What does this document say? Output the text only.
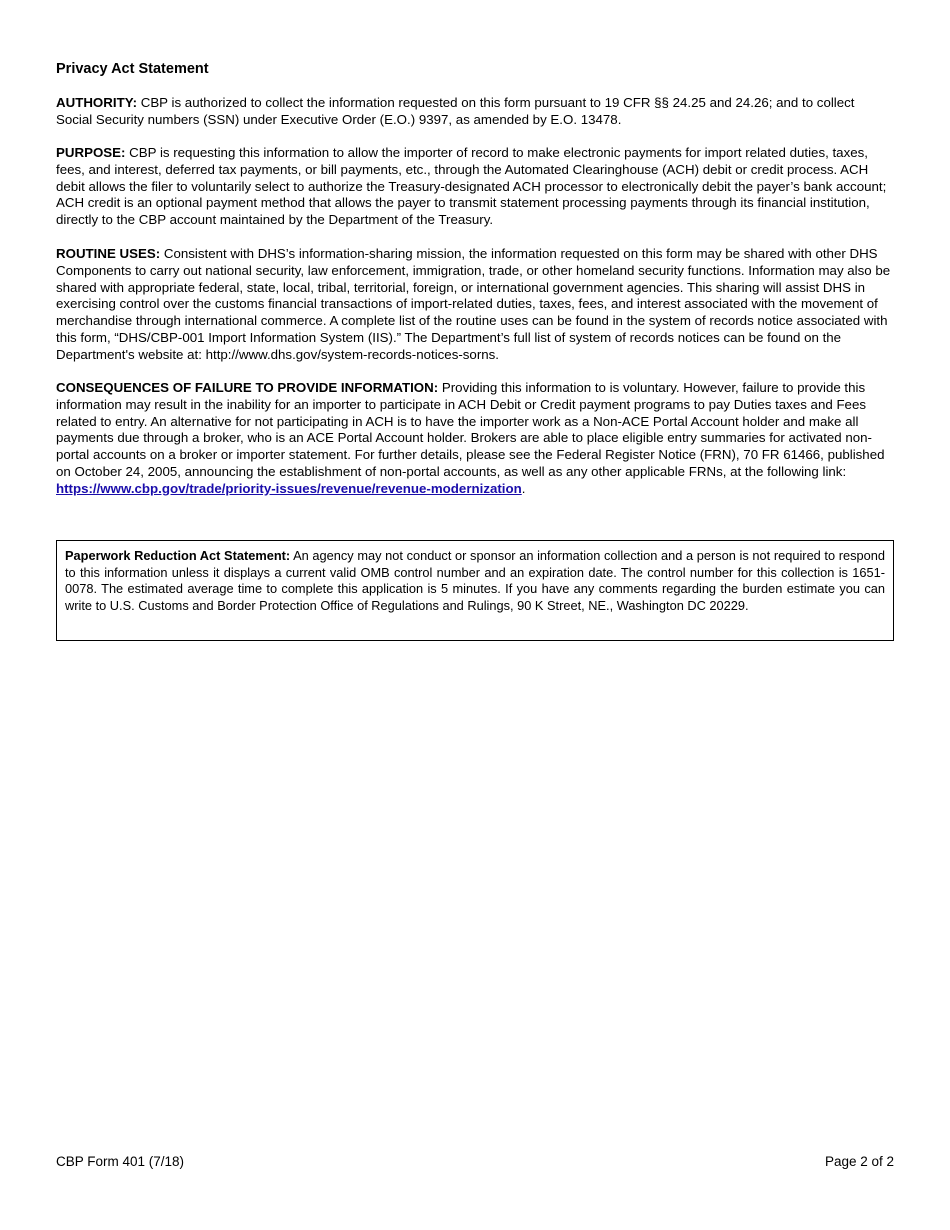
Privacy Act Statement

AUTHORITY: CBP is authorized to collect the information requested on this form pursuant to 19 CFR §§ 24.25 and 24.26; and to collect Social Security numbers (SSN) under Executive Order (E.O.) 9397, as amended by E.O. 13478.

PURPOSE: CBP is requesting this information to allow the importer of record to make electronic payments for import related duties, taxes, fees, and interest, deferred tax payments, or bill payments, etc., through the Automated Clearinghouse (ACH) debit or credit process. ACH debit allows the filer to voluntarily select to authorize the Treasury-designated ACH processor to electronically debit the payer’s bank account; ACH credit is an optional payment method that allows the payer to transmit statement processing payments through its financial institution, directly to the CBP account maintained by the Department of the Treasury.

ROUTINE USES: Consistent with DHS’s information-sharing mission, the information requested on this form may be shared with other DHS Components to carry out national security, law enforcement, immigration, trade, or other homeland security functions. Information may also be shared with appropriate federal, state, local, tribal, territorial, foreign, or international government agencies. This sharing will assist DHS in exercising control over the customs financial transactions of import-related duties, taxes, fees, and interest associated with the movement of merchandise through international commerce. A complete list of the routine uses can be found in the system of records notice associated with this form, “DHS/CBP-001 Import Information System (IIS).” The Department’s full list of system of records notices can be found on the Department's website at: http://www.dhs.gov/system-records-notices-sorns.

CONSEQUENCES OF FAILURE TO PROVIDE INFORMATION: Providing this information to is voluntary. However, failure to provide this information may result in the inability for an importer to participate in ACH Debit or Credit payment programs to pay Duties taxes and Fees related to entry. An alternative for not participating in ACH is to have the importer work as a Non-ACE Portal Account holder and make all payments due through a broker, who is an ACE Portal Account holder. Brokers are able to place eligible entry summaries for activated non-portal accounts on a broker or importer statement. For further details, please see the Federal Register Notice (FRN), 70 FR 61466, published on October 24, 2005, announcing the establishment of non-portal accounts, as well as any other applicable FRNs, at the following link: https://www.cbp.gov/trade/priority-issues/revenue/revenue-modernization.

Paperwork Reduction Act Statement: An agency may not conduct or sponsor an information collection and a person is not required to respond to this information unless it displays a current valid OMB control number and an expiration date. The control number for this collection is 1651-0078. The estimated average time to complete this application is 5 minutes. If you have any comments regarding the burden estimate you can write to U.S. Customs and Border Protection Office of Regulations and Rulings, 90 K Street, NE., Washington DC 20229.

CBP Form 401 (7/18)	Page 2 of 2
